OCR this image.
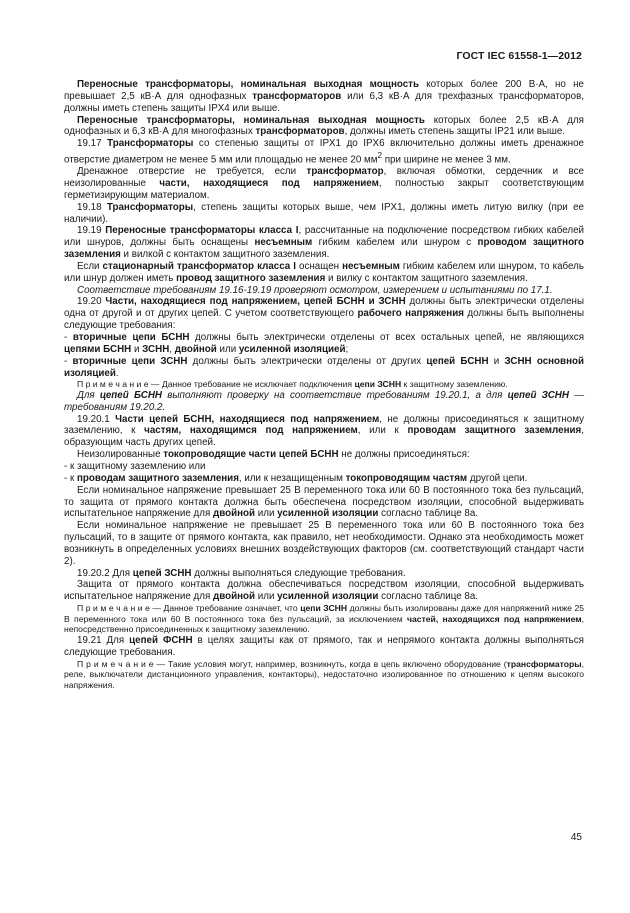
ГОСТ IEC 61558-1—2012

Переносные трансформаторы, номинальная выходная мощность которых более 200 В·А, но не превышает 2,5 кВ·А для однофазных трансформаторов или 6,3 кВ·А для трехфазных трансформаторов, должны иметь степень защиты IPX4 или выше.

Переносные трансформаторы, номинальная выходная мощность которых более 2,5 кВ·А для однофазных и 6,3 кВ·А для многофазных трансформаторов, должны иметь степень защиты IP21 или выше.

19.17 Трансформаторы со степенью защиты от IPX1 до IPX6 включительно должны иметь дренажное отверстие диаметром не менее 5 мм или площадью не менее 20 $мм^2$ при ширине не менее 3 мм.

Дренажное отверстие не требуется, если трансформатор, включая обмотки, сердечник и все неизолированные части, находящиеся под напряжением, полностью закрыт соответствующим герметизирующим материалом.

19.18 Трансформаторы, степень защиты которых выше, чем IPX1, должны иметь литую вилку (при ее наличии).

19.19 Переносные трансформаторы класса I, рассчитанные на подключение посредством гибких кабелей или шнуров, должны быть оснащены несъемным гибким кабелем или шнуром с проводом защитного заземления и вилкой с контактом защитного заземления.

Если стационарный трансформатор класса I оснащен несъемным гибким кабелем или шнуром, то кабель или шнур должен иметь провод защитного заземления и вилку с контактом защитного заземления.

Соответствие требованиям 19.16-19.19 проверяют осмотром, измерением и испытаниями по 17.1.

19.20 Части, находящиеся под напряжением, цепей БСНН и ЗСНН должны быть электрически отделены одна от другой и от других цепей. С учетом соответствующего рабочего напряжения должны быть выполнены следующие требования:

- вторичные цепи БСНН должны быть электрически отделены от всех остальных цепей, не являющихся цепями БСНН и ЗСНН, двойной или усиленной изоляцией;

- вторичные цепи ЗСНН должны быть электрически отделены от других цепей БСНН и ЗСНН основной изоляцией.

П р и м е ч а н и е — Данное требование не исключает подключения цепи ЗСНН к защитному заземлению.

Для цепей БСНН выполняют проверку на соответствие требованиям 19.20.1, а для цепей ЗСНН — требованиям 19.20.2.

19.20.1 Части цепей БСНН, находящиеся под напряжением, не должны присоединяться к защитному заземлению, к частям, находящимся под напряжением, или к проводам защитного заземления, образующим часть других цепей.

Неизолированные токопроводящие части цепей БСНН не должны присоединяться:

- к защитному заземлению или

- к проводам защитного заземления, или к незащищенным токопроводящим частям другой цепи.

Если номинальное напряжение превышает 25 В переменного тока или 60 В постоянного тока без пульсаций, то защита от прямого контакта должна быть обеспечена посредством изоляции, способной выдерживать испытательное напряжение для двойной или усиленной изоляции согласно таблице 8а.

Если номинальное напряжение не превышает 25 В переменного тока или 60 В постоянного тока без пульсаций, то в защите от прямого контакта, как правило, нет необходимости. Однако эта необходимость может возникнуть в определенных условиях внешних воздействующих факторов (см. соответствующий стандарт части 2).

19.20.2 Для цепей ЗСНН должны выполняться следующие требования.

Защита от прямого контакта должна обеспечиваться посредством изоляции, способной выдерживать испытательное напряжение для двойной или усиленной изоляции согласно таблице 8а.

П р и м е ч а н и е — Данное требование означает, что цепи ЗСНН должны быть изолированы даже для напряжений ниже 25 В переменного тока или 60 В постоянного тока без пульсаций, за исключением частей, находящихся под напряжением, непосредственно присоединенных к защитному заземлению.

19.21 Для цепей ФСНН в целях защиты как от прямого, так и непрямого контакта должны выполняться следующие требования.

П р и м е ч а н и е — Такие условия могут, например, возникнуть, когда в цепь включено оборудование (трансформаторы, реле, выключатели дистанционного управления, контакторы), недостаточно изолированное по отношению к цепям высокого напряжения.

45
